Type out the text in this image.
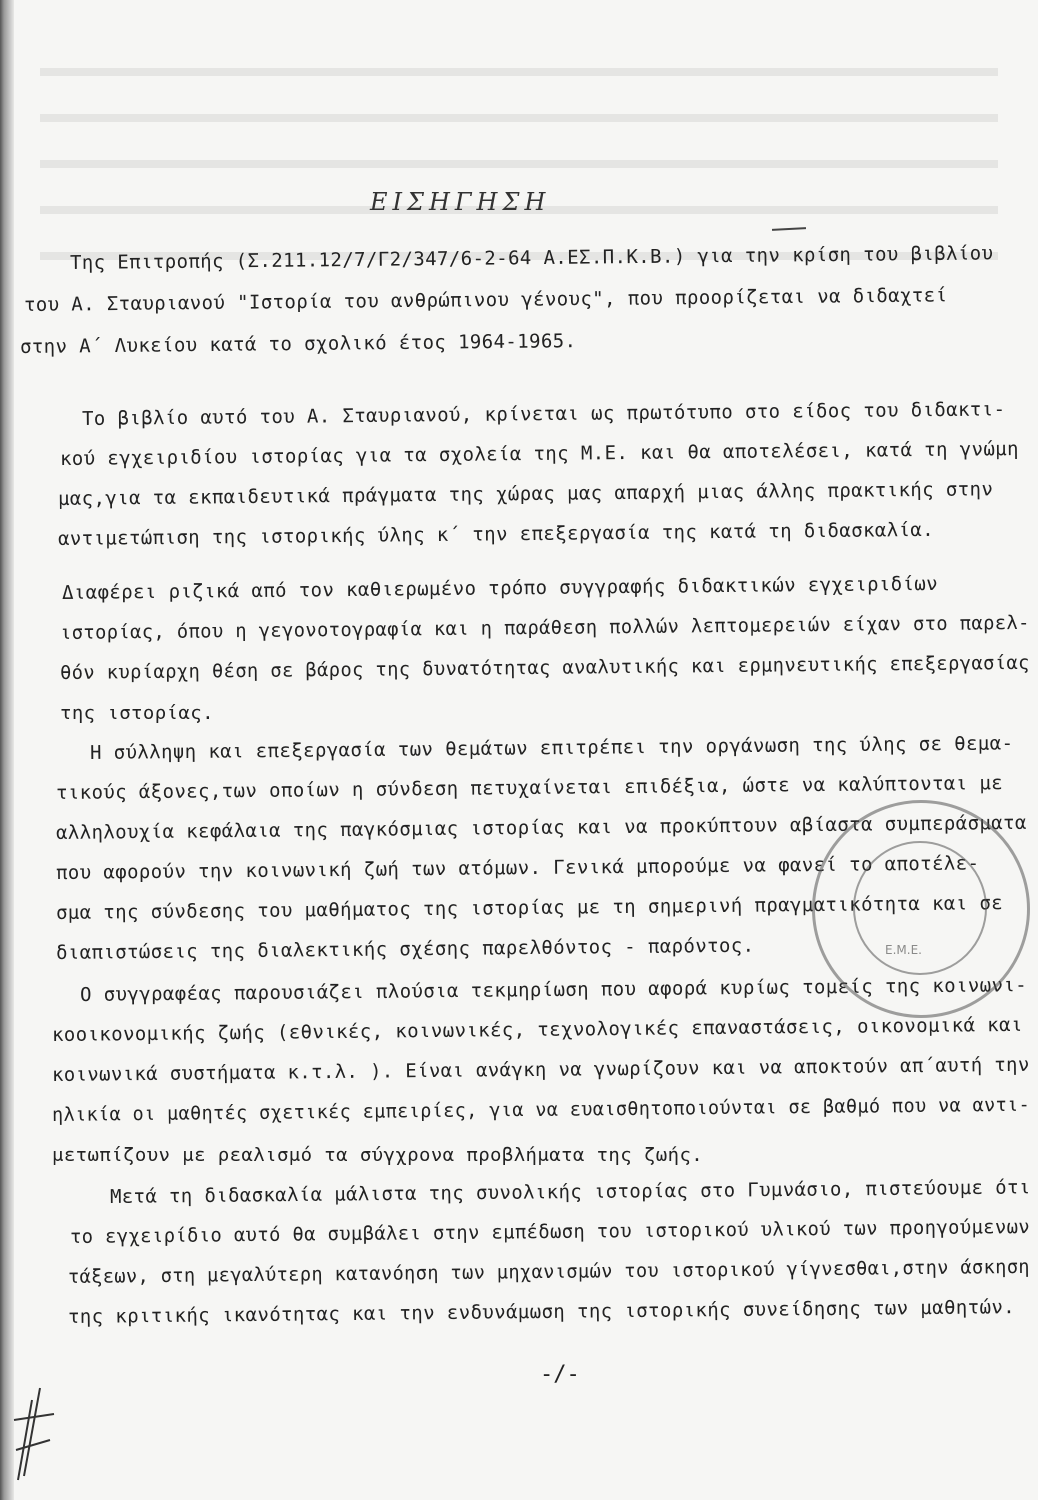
ΕΙΣΗΓΗΣΗ
Της Επιτροπής (Σ.211.12/7/Γ2/347/6-2-64 Α.ΕΣ.Π.Κ.Β.) για την κρίση του βιβλίου
του Α. Σταυριανού "Ιστορία του ανθρώπινου γένους", που προορίζεται να διδαχτεί
στην Α΄ Λυκείου κατά το σχολικό έτος 1964-1965.
Το βιβλίο αυτό του Α. Σταυριανού, κρίνεται ως πρωτότυπο στο είδος του διδακτι-
κού εγχειριδίου ιστορίας για τα σχολεία της Μ.Ε. και θα αποτελέσει, κατά τη γνώμη
μας,για τα εκπαιδευτικά πράγματα της χώρας μας απαρχή μιας άλλης πρακτικής στην
αντιμετώπιση της ιστορικής ύλης κ΄ την επεξεργασία της κατά τη διδασκαλία.
Διαφέρει ριζικά από τον καθιερωμένο τρόπο συγγραφής διδακτικών εγχειριδίων
ιστορίας, όπου η γεγονοτογραφία και η παράθεση πολλών λεπτομερειών είχαν στο παρελ-
θόν κυρίαρχη θέση σε βάρος της δυνατότητας αναλυτικής και ερμηνευτικής επεξεργασίας
της ιστορίας.
Η σύλληψη και επεξεργασία των θεμάτων επιτρέπει την οργάνωση της ύλης σε θεμα-
τικούς άξονες,των οποίων η σύνδεση πετυχαίνεται επιδέξια, ώστε να καλύπτονται με
αλληλουχία κεφάλαια της παγκόσμιας ιστορίας και να προκύπτουν αβίαστα συμπεράσματα
που αφορούν την κοινωνική ζωή των ατόμων. Γενικά μπορούμε να φανεί το αποτέλε-
σμα της σύνδεσης του μαθήματος της ιστορίας με τη σημερινή πραγματικότητα και σε
διαπιστώσεις της διαλεκτικής σχέσης παρελθόντος - παρόντος.
Ο συγγραφέας παρουσιάζει πλούσια τεκμηρίωση που αφορά κυρίως τομείς της κοινωνι-
κοοικονομικής ζωής (εθνικές, κοινωνικές, τεχνολογικές επαναστάσεις, οικονομικά και
κοινωνικά συστήματα κ.τ.λ. ). Είναι ανάγκη να γνωρίζουν και να αποκτούν απ΄αυτή την
ηλικία οι μαθητές σχετικές εμπειρίες, για να ευαισθητοποιούνται σε βαθμό που να αντι-
μετωπίζουν με ρεαλισμό τα σύγχρονα προβλήματα της ζωής.
Μετά τη διδασκαλία μάλιστα της συνολικής ιστορίας στο Γυμνάσιο, πιστεύουμε ότι
το εγχειρίδιο αυτό θα συμβάλει στην εμπέδωση του ιστορικού υλικού των προηγούμενων
τάξεων, στη μεγαλύτερη κατανόηση των μηχανισμών του ιστορικού γίγνεσθαι,στην άσκηση
της κριτικής ικανότητας και την ενδυνάμωση της ιστορικής συνείδησης των μαθητών.
Ε.Μ.Ε.
-/-
